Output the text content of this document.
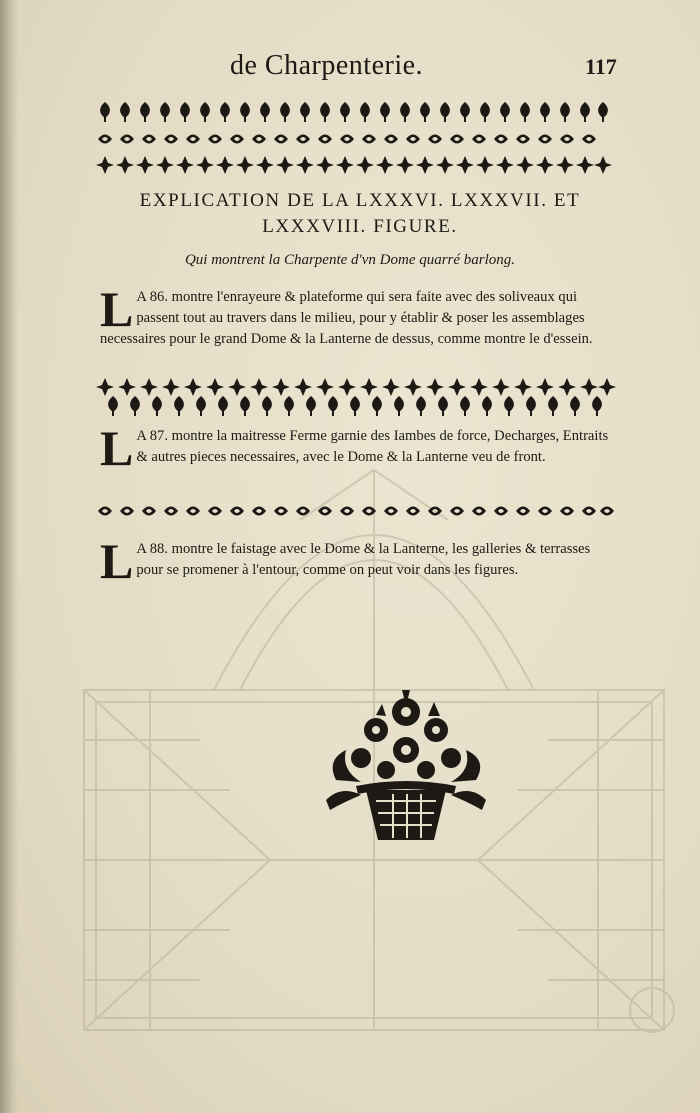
de Charpenterie.	117
EXPLICATION DE LA LXXXVI. LXXXVII. ET
LXXXVIII. FIGURE.
Qui montrent la Charpente d'vn Dome quarré barlong.
L A 86. montre l'enrayeure & plateforme qui sera faite avec des soliveaux qui passent tout au travers dans le milieu, pour y établir & poser les assemblages necessaires pour le grand Dome & la Lanterne de dessus, comme montre le d'essein.
L A 87. montre la maitresse Ferme garnie des Iambes de force, Decharges, Entraits & autres pieces necessaires, avec le Dome & la Lanterne veu de front.
L A 88. montre le faistage avec le Dome & la Lanterne, les galleries & terrasses pour se promener à l'entour, comme on peut voir dans les figures.
